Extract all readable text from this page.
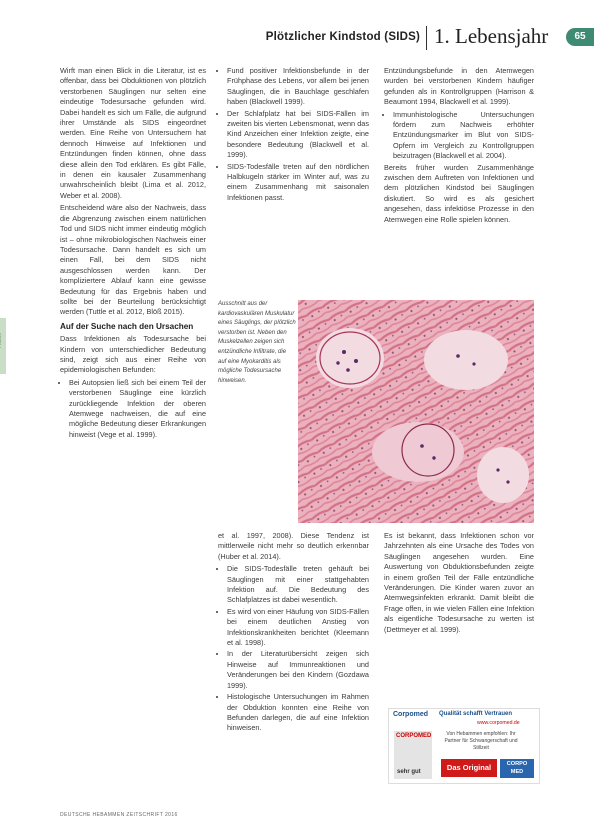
Plötzlicher Kindstod (SIDS) 1. Lebensjahr	65

Wirft man einen Blick in die Literatur, ist es offenbar, dass bei Obduktionen von plötzlich verstorbenen Säuglingen nur selten eine eindeutige Todesursache gefunden wird. Dabei handelt es sich um Fälle, die aufgrund ihrer Umstände als SIDS eingeordnet werden. Eine Reihe von Untersuchern hat dennoch Hinweise auf Infektionen und Entzündungen finden können, ohne dass diese allein den Tod erklären. Es gibt Fälle, in denen ein kausaler Zusammenhang unwahrscheinlich bleibt (Lima et al. 2012, Weber et al. 2008).

Entscheidend wäre also der Nachweis, dass die Abgrenzung zwischen einem natürlichen Tod und SIDS nicht immer eindeutig möglich ist – ohne mikrobiologischen Nachweis einer Todesursache. Dann handelt es sich um einen Fall, bei dem SIDS nicht ausgeschlossen werden kann. Der kompliziertere Ablauf kann eine gewisse Bedeutung für das Ergebnis haben und sollte bei der Beurteilung berücksichtigt werden (Tuttle et al. 2012, Blöß 2015).

Auf der Suche nach den Ursachen

Dass Infektionen als Todesursache bei Kindern von unterschiedlicher Bedeutung sind, zeigt sich aus einer Reihe von epidemiologischen Befunden:

• Bei Autopsien ließ sich bei einem Teil der verstorbenen Säuglinge eine kürzlich zurückliegende Infektion der oberen Atemwege nachweisen, die auf eine mögliche Bedeutung dieser Erkrankungen hinweist (Vege et al. 1999).
• Fund positiver Infektionsbefunde in der Frühphase des Lebens, vor allem bei jenen Säuglingen, die in Bauchlage geschlafen haben (Blackwell 1999).
• Der Schlafplatz hat bei SIDS-Fällen im zweiten bis vierten Lebensmonat, wenn das Kind Anzeichen einer Infektion zeigte, eine besondere Bedeutung (Blackwell et al. 1999).
• SIDS-Todesfälle treten auf den nördlichen Halbkugeln stärker im Winter auf, was zu einem Zusammenhang mit saisonalen Infektionen passt.

Entzündungsbefunde in den Atemwegen wurden bei verstorbenen Kindern häufiger gefunden als in Kontrollgruppen (Harrison & Beaumont 1994, Blackwell et al. 1999).

• Immunhistologische Untersuchungen fördern zum Nachweis erhöhter Entzündungsmarker im Blut von SIDS-Opfern im Vergleich zu Kontrollgruppen beizutragen (Blackwell et al. 2004).

Bereits früher wurden Zusammenhänge zwischen dem Auftreten von Infektionen und dem plötzlichen Kindstod bei Säuglingen diskutiert. So wird es als gesichert angesehen, dass infektiöse Prozesse in den Atemwegen eine Rolle spielen können.

Ausschnitt aus der kardiovaskulären Muskulatur eines Säuglings, der plötzlich verstorben ist. Neben den Muskelzellen zeigen sich entzündliche Infiltrate, die auf eine Myokarditis als mögliche Todesursache hinweisen.

et al. 1997, 2008). Diese Tendenz ist mittlerweile nicht mehr so deutlich erkennbar (Huber et al. 2014).

• Die SIDS-Todesfälle treten gehäuft bei Säuglingen mit einer stattgehabten Infektion auf. Die Bedeutung des Schlafplatzes ist dabei wesentlich.
• Es wird von einer Häufung von SIDS-Fällen bei einem deutlichen Anstieg von Infektionskrankheiten berichtet (Kleemann et al. 1998).
• In der Literaturübersicht zeigen sich Hinweise auf Immunreaktionen und Veränderungen bei den Kindern (Gozdawa 1999).
• Histologische Untersuchungen im Rahmen der Obduktion konnten eine Reihe von Befunden darlegen, die auf eine Infektion hinweisen.

Es ist bekannt, dass Infektionen schon vor Jahrzehnten als eine Ursache des Todes von Säuglingen angesehen wurden. Eine Auswertung von Obduktionsbefunden zeigte in einem großen Teil der Fälle entzündliche Veränderungen. Die Kinder waren zuvor an Atemwegsinfekten erkrankt. Damit bleibt die Frage offen, in wie vielen Fällen eine Infektion als eigentliche Todesursache zu werten ist (Dettmeyer et al. 1999).

Corpomed Qualität schafft Vertrauen
www.corpomed.de
CORPOMED
sehr gut
Von Hebammen empfohlen: Ihr Partner für Schwangerschaft und Stillzeit
Das Original	CORPO MED
DEUTSCHE HEBAMMEN ZEITSCHRIFT 2016
